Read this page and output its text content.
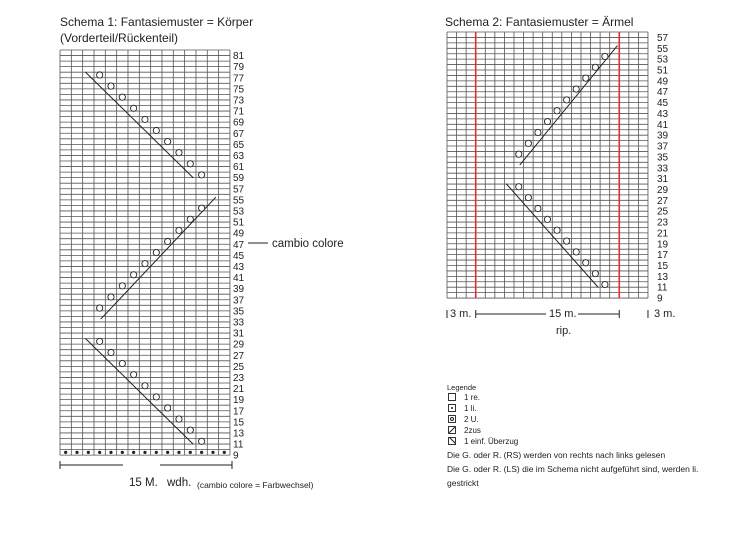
Schema 1: Fantasiemuster = Körper
(Vorderteil/Rückenteil)
Schema 2: Fantasiemuster = Ärmel
81
79
77
75
73
71
69
67
65
63
61
59
57
55
53
51
49
47
45
43
41
39
37
35
33
31
29
27
25
23
21
19
17
15
13
11
9
57
55
53
51
49
47
45
43
41
39
37
35
33
31
29
27
25
23
21
19
17
15
13
11
9
cambio colore
15 M. wdh. (cambio colore = Farbwechsel)
3 m.	15 m.	3 m.
rip.
Legende
1 re.
1 li.
2 U.
2zus
1 einf. Überzug
Die G. oder R. (RS) werden von rechts nach links gelesen
Die G. oder R. (LS) die im Schema nicht aufgeführt sind, werden li.
gestrickt
